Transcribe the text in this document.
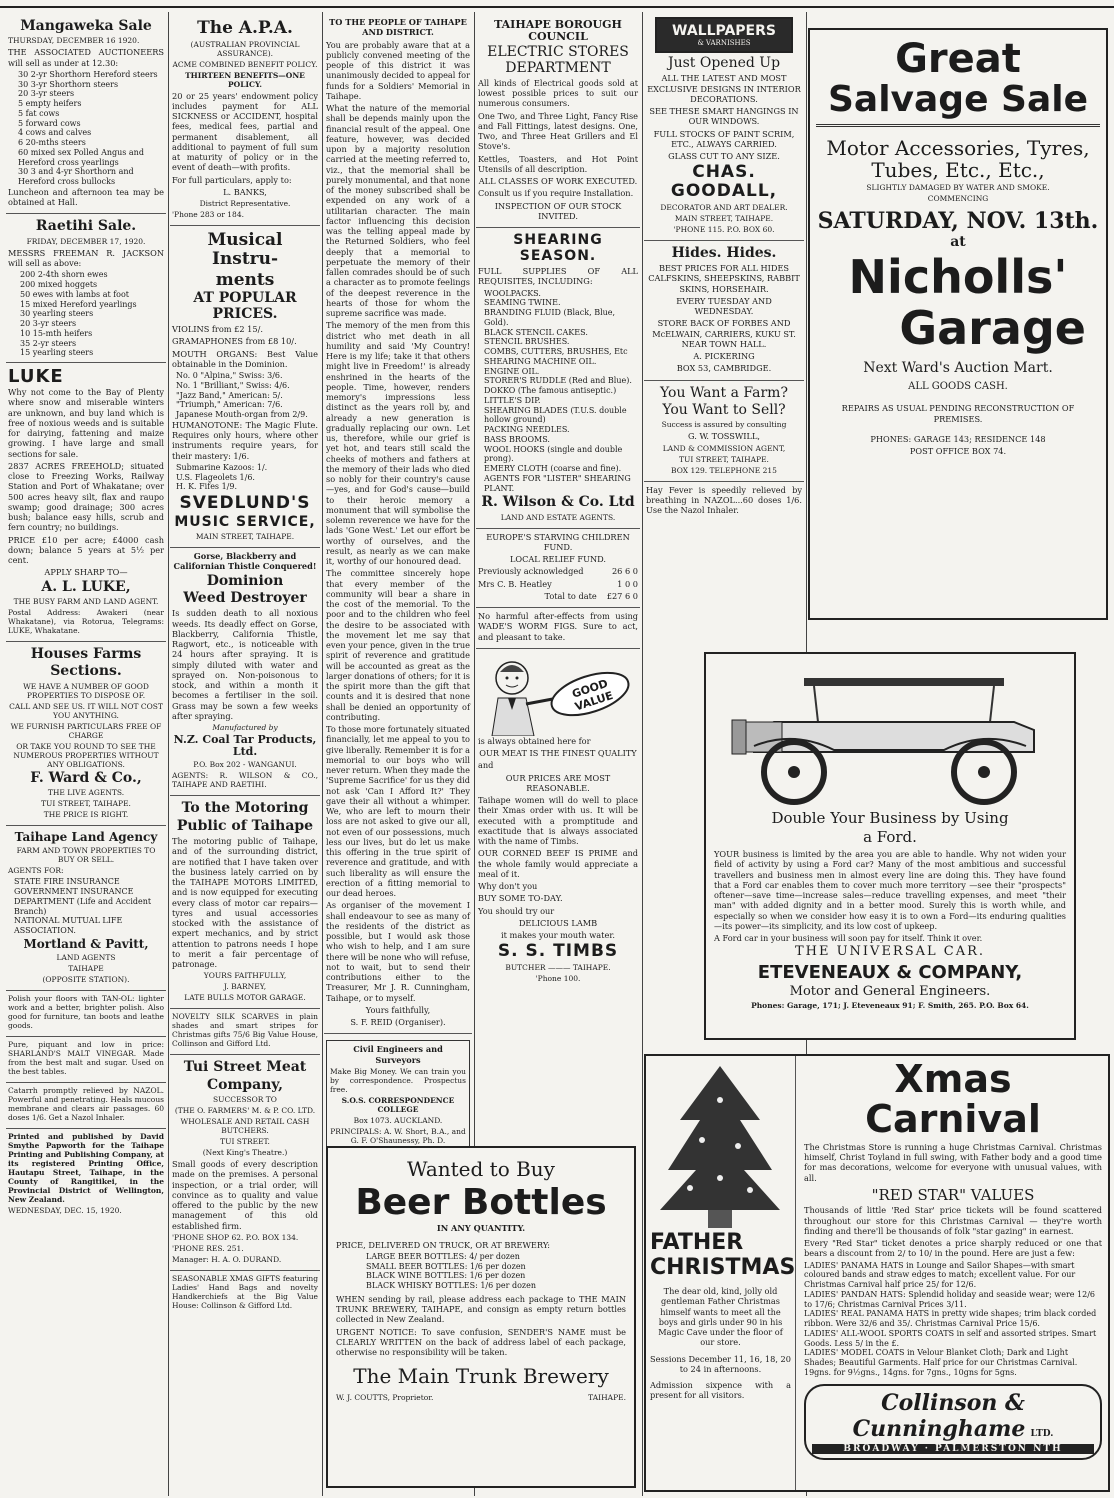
Mangaweka Sale
THURSDAY, DECEMBER 16 1920.
THE ASSOCIATED AUCTIONEERS will sell as under at 12.30:
30 2-yr Shorthorn Hereford steers
30 3-yr Shorthorn steers
20 3-yr steers
5 empty heifers
5 fat cows
5 forward cows
4 cows and calves
6 20-mths steers
60 mixed sex Polled Angus and Hereford cross yearlings
30 3 and 4-yr Shorthorn and Hereford cross bullocks
Luncheon and afternoon tea may be obtained at Hall.
Raetihi Sale.
FRIDAY, DECEMBER 17, 1920.
MESSRS FREEMAN R. JACKSON will sell as above:
200 2-4th shorn ewes
200 mixed hoggets
50 ewes with lambs at foot
15 mixed Hereford yearlings
30 yearling steers
20 3-yr steers
10 15-mth heifers
35 2-yr steers
15 yearling steers
LUKE
Why not come to the Bay of Plenty where snow and miserable winters are unknown, and buy land which is free of noxious weeds and is suitable for dairying, fattening and maize growing. I have large and small sections for sale.
2837 ACRES FREEHOLD; situated close to Freezing Works, Railway Station and Port of Whakatane; over 500 acres heavy silt, flax and raupo swamp; good drainage; 300 acres bush; balance easy hills, scrub and fern country; no buildings.
PRICE £10 per acre; £4000 cash down; balance 5 years at 5½ per cent.
APPLY SHARP TO—
A. L. LUKE,
THE BUSY FARM AND LAND AGENT.
Postal Address: Awakeri (near Whakatane), via Rotorua, Telegrams: LUKE, Whakatane.
Houses Farms
Sections.
WE HAVE A NUMBER OF GOOD PROPERTIES TO DISPOSE OF.
CALL AND SEE US. IT WILL NOT COST YOU ANYTHING.
WE FURNISH PARTICULARS FREE OF CHARGE
OR TAKE YOU ROUND TO SEE THE NUMEROUS PROPERTIES WITHOUT ANY OBLIGATIONS.
F. Ward & Co.,
THE LIVE AGENTS.
TUI STREET, TAIHAPE.
THE PRICE IS RIGHT.
Taihape Land Agency
FARM AND TOWN PROPERTIES TO BUY OR SELL.
AGENTS FOR:
STATE FIRE INSURANCE
GOVERNMENT INSURANCE DEPARTMENT (Life and Accident Branch)
NATIONAL MUTUAL LIFE ASSOCIATION.
Mortland & Pavitt,
LAND AGENTS
TAIHAPE
(OPPOSITE STATION).
Polish your floors with TAN-OL: lighter work and a better, brighter polish. Also good for furniture, tan boots and leathe goods.
Pure, piquant and low in price: SHARLAND'S MALT VINEGAR. Made from the best malt and sugar. Used on the best tables.
Catarrh promptly relieved by NAZOL. Powerful and penetrating. Heals mucous membrane and clears air passages. 60 doses 1/6. Get a Nazol Inhaler.
Printed and published by David Smythe Papworth for the Taihape Printing and Publishing Company, at its registered Printing Office, Hautapu Street, Taihape, in the County of Rangitikei, in the Provincial District of Wellington, New Zealand.
WEDNESDAY, DEC. 15, 1920.
The A.P.A.
(AUSTRALIAN PROVINCIAL ASSURANCE).
ACME COMBINED BENEFIT POLICY.
THIRTEEN BENEFITS—ONE POLICY.
20 or 25 years' endowment policy includes payment for ALL SICKNESS or ACCIDENT, hospital fees, medical fees, partial and permanent disablement, all additional to payment of full sum at maturity of policy or in the event of death—with profits.
For full particulars, apply to:
L. BANKS,
District Representative.
'Phone 283 or 184.
Musical Instru-
ments
AT POPULAR PRICES.
VIOLINS from £2 15/.
GRAMAPHONES from £8 10/.
MOUTH ORGANS: Best Value obtainable in the Dominion.
No. 0 "Alpina," Swiss: 3/6.
No. 1 "Brilliant," Swiss: 4/6.
"Jazz Band," American: 5/.
"Triumph," American: 7/6.
Japanese Mouth-organ from 2/9.
HUMANOTONE: The Magic Flute. Requires only hours, where other instruments require years, for their mastery: 1/6.
Submarine Kazoos: 1/.
U.S. Flageolets 1/6.
H. K. Fifes 1/9.
SVEDLUND'S
MUSIC SERVICE,
MAIN STREET, TAIHAPE.
Gorse, Blackberry and Californian Thistle Conquered!
Dominion
Weed Destroyer
Is sudden death to all noxious weeds. Its deadly effect on Gorse, Blackberry, California Thistle, Ragwort, etc., is noticeable with 24 hours after spraying. It is simply diluted with water and sprayed on. Non-poisonous to stock, and within a month it becomes a fertiliser in the soil. Grass may be sown a few weeks after spraying.
Manufactured by
N.Z. Coal Tar Products, Ltd.
P.O. Box 202 - WANGANUI.
AGENTS: R. WILSON & CO., TAIHAPE AND RAETIHI.
To the Motoring
Public of Taihape
The motoring public of Taihape, and of the surrounding district, are notified that I have taken over the business lately carried on by the TAIHAPE MOTORS LIMITED, and is now equipped for executing every class of motor car repairs—tyres and usual accessories stocked with the assistance of expert mechanics, and by strict attention to patrons needs I hope to merit a fair percentage of patronage.
YOURS FAITHFULLY,
J. BARNEY,
LATE BULLS MOTOR GARAGE.
NOVELTY SILK SCARVES in plain shades and smart stripes for Christmas gifts 75/6 Big Value House, Collinson and Gifford Ltd.
Tui Street Meat
Company,
SUCCESSOR TO
(THE O. FARMERS' M. & P. CO. LTD.
WHOLESALE AND RETAIL CASH BUTCHERS.
TUI STREET.
(Next King's Theatre.)
Small goods of every description made on the premises. A personal inspection, or a trial order, will convince as to quality and value offered to the public by the new management of this old established firm.
'PHONE SHOP 62. P.O. BOX 134.
'PHONE RES. 251.
Manager: H. A. O. DURAND.
SEASONABLE XMAS GIFTS featuring Ladies' Hand Bags and novelty Handkerchiefs at the Big Value House: Collinson & Gifford Ltd.
TO THE PEOPLE OF TAIHAPE AND DISTRICT.
You are probably aware that at a publicly convened meeting of the people of this district it was unanimously decided to appeal for funds for a Soldiers' Memorial in Taihape.
What the nature of the memorial shall be depends mainly upon the financial result of the appeal. One feature, however, was decided upon by a majority resolution carried at the meeting referred to, viz., that the memorial shall be purely monumental, and that none of the money subscribed shall be expended on any work of a utilitarian character. The main factor influencing this decision was the telling appeal made by the Returned Soldiers, who feel deeply that a memorial to perpetuate the memory of their fallen comrades should be of such a character as to promote feelings of the deepest reverence in the hearts of those for whom the supreme sacrifice was made.
The memory of the men from this district who met death in all humility and said 'My Country! Here is my life; take it that others might live in Freedom!' is already enshrined in the hearts of the people. Time, however, renders memory's impressions less distinct as the years roll by, and already a new generation is gradually replacing our own. Let us, therefore, while our grief is yet hot, and tears still scald the cheeks of mothers and fathers at the memory of their lads who died so nobly for their country's cause—yes, and for God's cause—build to their heroic memory a monument that will symbolise the solemn reverence we have for the lads 'Gone West.' Let our effort be worthy of ourselves, and the result, as nearly as we can make it, worthy of our honoured dead.
The committee sincerely hope that every member of the community will bear a share in the cost of the memorial. To the poor and to the children who feel the desire to be associated with the movement let me say that even your pence, given in the true spirit of reverence and gratitude will be accounted as great as the larger donations of others; for it is the spirit more than the gift that counts and it is desired that none shall be denied an opportunity of contributing.
To those more fortunately situated financially, let me appeal to you to give liberally. Remember it is for a memorial to our boys who will never return. When they made the 'Supreme Sacrifice' for us they did not ask 'Can I Afford It?' They gave their all without a whimper. We, who are left to mourn their loss are not asked to give our all, not even of our possessions, much less our lives, but do let us make this offering in the true spirit of reverence and gratitude, and with such liberality as will ensure the erection of a fitting memorial to our dead heroes.
As organiser of the movement I shall endeavour to see as many of the residents of the district as possible, but I would ask those who wish to help, and I am sure there will be none who will refuse, not to wait, but to send their contributions either to the Treasurer, Mr J. R. Cunningham, Taihape, or to myself.
Yours faithfully,
S. F. REID (Organiser).
Civil Engineers and Surveyors
Make Big Money. We can train you by correspondence. Prospectus free.
S.O.S. CORRESPONDENCE COLLEGE
Box 1073. AUCKLAND.
PRINCIPALS: A. W. Short, B.A., and G. F. O'Shaunessy, Ph. D.
TAIHAPE BOROUGH COUNCIL
ELECTRIC STORES DEPARTMENT
All kinds of Electrical goods sold at lowest possible prices to suit our numerous consumers.
One Two, and Three Light, Fancy Rise and Fall Fittings, latest designs. One, Two, and Three Heat Grillers and El Stove's.
Kettles, Toasters, and Hot Point Utensils of all description.
ALL CLASSES OF WORK EXECUTED.
Consult us if you require Installation.
INSPECTION OF OUR STOCK INVITED.
SHEARING SEASON.
FULL SUPPLIES OF ALL REQUISITES, INCLUDING:
WOOLPACKS.
SEAMING TWINE.
BRANDING FLUID (Black, Blue, Gold).
BLACK STENCIL CAKES.
STENCIL BRUSHES.
COMBS, CUTTERS, BRUSHES, Etc SHEARING MACHINE OIL.
ENGINE OIL.
STORER'S RUDDLE (Red and Blue).
DOKKO (The famous antiseptic.)
LITTLE'S DIP.
SHEARING BLADES (T.U.S. double hollow ground)
PACKING NEEDLES.
BASS BROOMS.
WOOL HOOKS (single and double prong).
EMERY CLOTH (coarse and fine).
AGENTS FOR "LISTER" SHEARING PLANT.
R. Wilson & Co. Ltd
LAND AND ESTATE AGENTS.
EUROPE'S STARVING CHILDREN FUND.
LOCAL RELIEF FUND.
Previously acknowledged	26 6 0
Mrs C. B. Heatley	1 0 0
Total to date £27 6 0
No harmful after-effects from using WADE'S WORM FIGS. Sure to act, and pleasant to take.
GOOD VALUE
is always obtained here for
OUR MEAT IS THE FINEST QUALITY
and
OUR PRICES ARE MOST REASONABLE.
Taihape women will do well to place their Xmas order with us. It will be executed with a promptitude and exactitude that is always associated with the name of Timbs.
OUR CORNED BEEF IS PRIME and the whole family would appreciate a meal of it.
Why don't you
BUY SOME TO-DAY.
You should try our
DELICIOUS LAMB
it makes your mouth water.
S. S. TIMBS
BUTCHER ——— TAIHAPE.
'Phone 100.
WALLPAPERS
& VARNISHES
Just Opened Up
ALL THE LATEST AND MOST EXCLUSIVE DESIGNS IN INTERIOR DECORATIONS.
SEE THESE SMART HANGINGS IN OUR WINDOWS.
FULL STOCKS OF PAINT SCRIM, ETC., ALWAYS CARRIED.
GLASS CUT TO ANY SIZE.
CHAS. GOODALL,
DECORATOR AND ART DEALER.
MAIN STREET, TAIHAPE.
'PHONE 115. P.O. BOX 60.
Hides. Hides.
BEST PRICES FOR ALL HIDES CALFSKINS, SHEEPSKINS, RABBIT SKINS, HORSEHAIR.
EVERY TUESDAY AND WEDNESDAY.
STORE BACK OF FORBES AND McELWAIN, CARRIERS, KUKU ST. NEAR TOWN HALL.
A. PICKERING
BOX 53, CAMBRIDGE.
You Want a Farm?
You Want to Sell?
Success is assured by consulting
G. W. TOSSWILL,
LAND & COMMISSION AGENT,
TUI STREET, TAIHAPE.
BOX 129. TELEPHONE 215
Hay Fever is speedily relieved by breathing in NAZOL...60 doses 1/6. Use the Nazol Inhaler.
Great
Salvage Sale
Motor Accessories, Tyres, Tubes, Etc., Etc.,
SLIGHTLY DAMAGED BY WATER AND SMOKE.
COMMENCING
SATURDAY, NOV. 13th.
at
Nicholls'
Garage
Next Ward's Auction Mart.
ALL GOODS CASH.
REPAIRS AS USUAL PENDING RECONSTRUCTION OF PREMISES.
PHONES: GARAGE 143; RESIDENCE 148
POST OFFICE BOX 74.
Double Your Business by Using
a Ford.
YOUR business is limited by the area you are able to handle. Why not widen your field of activity by using a Ford car? Many of the most ambitious and successful travellers and business men in almost every line are doing this. They have found that a Ford car enables them to cover much more territory —see their "prospects" oftener—save time—increase sales—reduce travelling expenses, and meet "their man" with added dignity and in a better mood. Surely this is worth while, and especially so when we consider how easy it is to own a Ford—its enduring qualities—its power—its simplicity, and its low cost of upkeep.
A Ford car in your business will soon pay for itself. Think it over.
THE UNIVERSAL CAR.
ETEVENEAUX & COMPANY,
Motor and General Engineers.
Phones: Garage, 171; J. Eteveneaux 91; F. Smith, 265. P.O. Box 64.
Wanted to Buy
Beer Bottles
IN ANY QUANTITY.
PRICE, DELIVERED ON TRUCK, OR AT BREWERY:
LARGE BEER BOTTLES: 4/ per dozen
SMALL BEER BOTTLES: 1/6 per dozen
BLACK WINE BOTTLES: 1/6 per dozen
BLACK WHISKY BOTTLES: 1/6 per dozen
WHEN sending by rail, please address each package to THE MAIN TRUNK BREWERY, TAIHAPE, and consign as empty return bottles collected in New Zealand.
URGENT NOTICE: To save confusion, SENDER'S NAME must be CLEARLY WRITTEN on the back of address label of each package, otherwise no responsibility will be taken.
The Main Trunk Brewery
W. J. COUTTS, Proprietor.	TAIHAPE.
FATHER
CHRISTMAS
The dear old, kind, jolly old gentleman Father Christmas himself wants to meet all the boys and girls under 90 in his Magic Cave under the floor of our store.
Sessions December 11, 16, 18, 20 to 24 in afternoons.
Admission sixpence with a present for all visitors.
Xmas Carnival
The Christmas Store is running a huge Christmas Carnival. Christmas himself, Christ Toyland in full swing, with Father body and a good time for mas decorations, welcome for everyone with unusual values, with all.
"RED STAR" VALUES
Thousands of little 'Red Star' price tickets will be found scattered throughout our store for this Christmas Carnival — they're worth finding and there'll be thousands of folk "star gazing" in earnest.
Every "Red Star" ticket denotes a price sharply reduced or one that bears a discount from 2/ to 10/ in the pound. Here are just a few:
LADIES' PANAMA HATS in Lounge and Sailor Shapes—with smart coloured bands and straw edges to match; excellent value. For our Christmas Carnival half price 25/ for 12/6.
LADIES' PANDAN HATS: Splendid holiday and seaside wear; were 12/6 to 17/6; Christmas Carnival Prices 3/11.
LADIES' REAL PANAMA HATS in pretty wide shapes; trim black corded ribbon. Were 32/6 and 35/. Christmas Carnival Price 15/6.
LADIES' ALL-WOOL SPORTS COATS in self and assorted stripes. Smart Goods. Less 5/ in the £.
LADIES' MODEL COATS in Velour Blanket Cloth; Dark and Light Shades; Beautiful Garments. Half price for our Christmas Carnival. 19gns. for 9½gns., 14gns. for 7gns., 10gns for 5gns.
Collinson & Cunninghame LTD.
BROADWAY · PALMERSTON NTH
